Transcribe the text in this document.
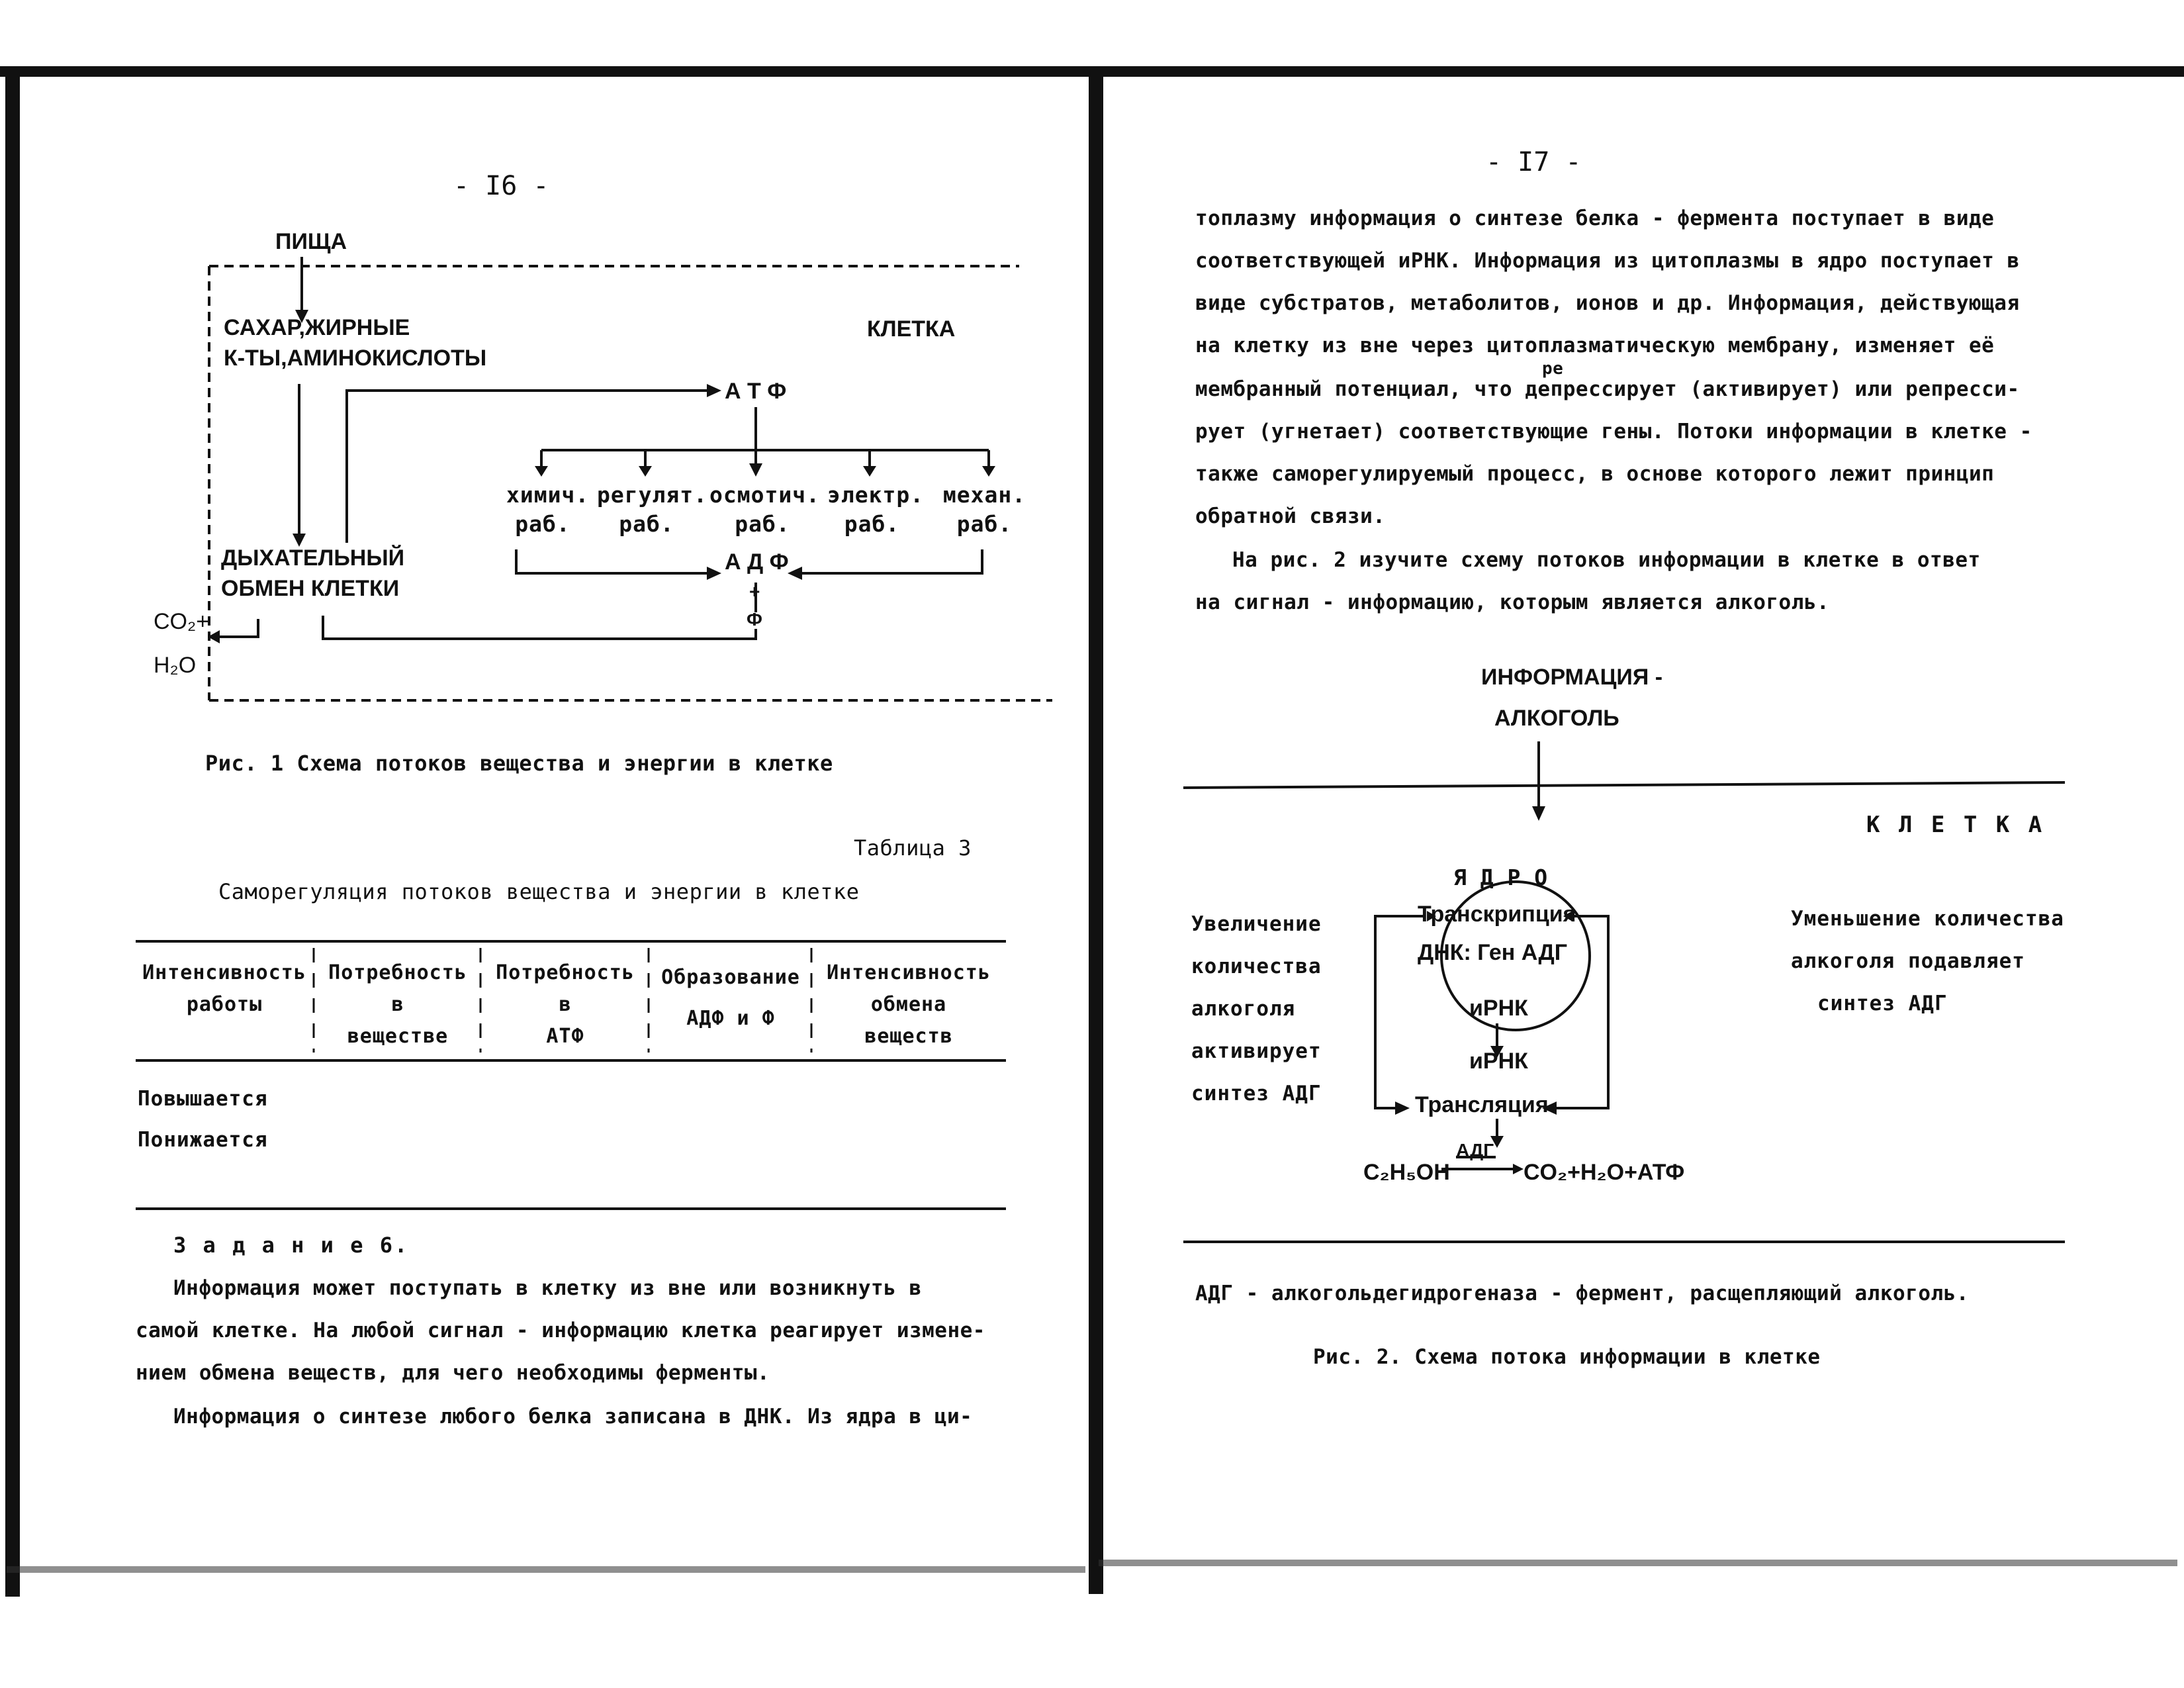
- I6 -
ПИЩА
САХАР,ЖИРНЫЕ
К-ТЫ,АМИНОКИСЛОТЫ
КЛЕТКА
А Т Ф
химич.
раб.
регулят.
раб.
осмотич.
раб.
электр.
раб.
механ.
раб.
ДЫХАТЕЛЬНЫЙ
ОБМЕН КЛЕТКИ
А Д Ф
+
Ф
CO₂+
H₂O
Рис. 1 Схема потоков вещества и энергии в клетке
Таблица 3
Саморегуляция потоков вещества и энергии в клетке
Интенсивность
работы
Потребность
в
веществе
Потребность
в
АТФ
Образование
АДФ и Ф
Интенсивность
обмена
веществ
Повышается
Понижается
З а д а н и е 6.
Информация может поступать в клетку из вне или возникнуть в
самой клетке. На любой сигнал - информацию клетка реагирует измене-
нием обмена веществ, для чего необходимы ферменты.
Информация о синтезе любого белка записана в ДНК. Из ядра в ци-
- I7 -
топлазму информация о синтезе белка - фермента поступает в виде
соответствующей иРНК. Информация из цитоплазмы в ядро поступает в
виде субстратов, метаболитов, ионов и др. Информация, действующая
на клетку из вне через цитоплазматическую мембрану, изменяет её
ре
мембранный потенциал, что депрессирует (активирует) или репресси-
рует (угнетает) соответствующие гены. Потоки информации в клетке -
также саморегулируемый процесс, в основе которого лежит принцип
обратной связи.
На рис. 2 изучите схему потоков информации в клетке в ответ
на сигнал - информацию, которым является алкоголь.
ИНФОРМАЦИЯ -
АЛКОГОЛЬ
К Л Е Т К А
Я Д Р О
Транскрипция
ДНК: Ген АДГ
иРНК
иРНК
Трансляция
C₂H₅OH
АДГ
CO₂+H₂O+АТФ
Увеличение
количества
алкоголя
активирует
синтез АДГ
Уменьшение количества
алкоголя подавляет
синтез АДГ
АДГ - алкогольдегидрогеназа - фермент, расщепляющий алкоголь.
Рис. 2. Схема потока информации в клетке
